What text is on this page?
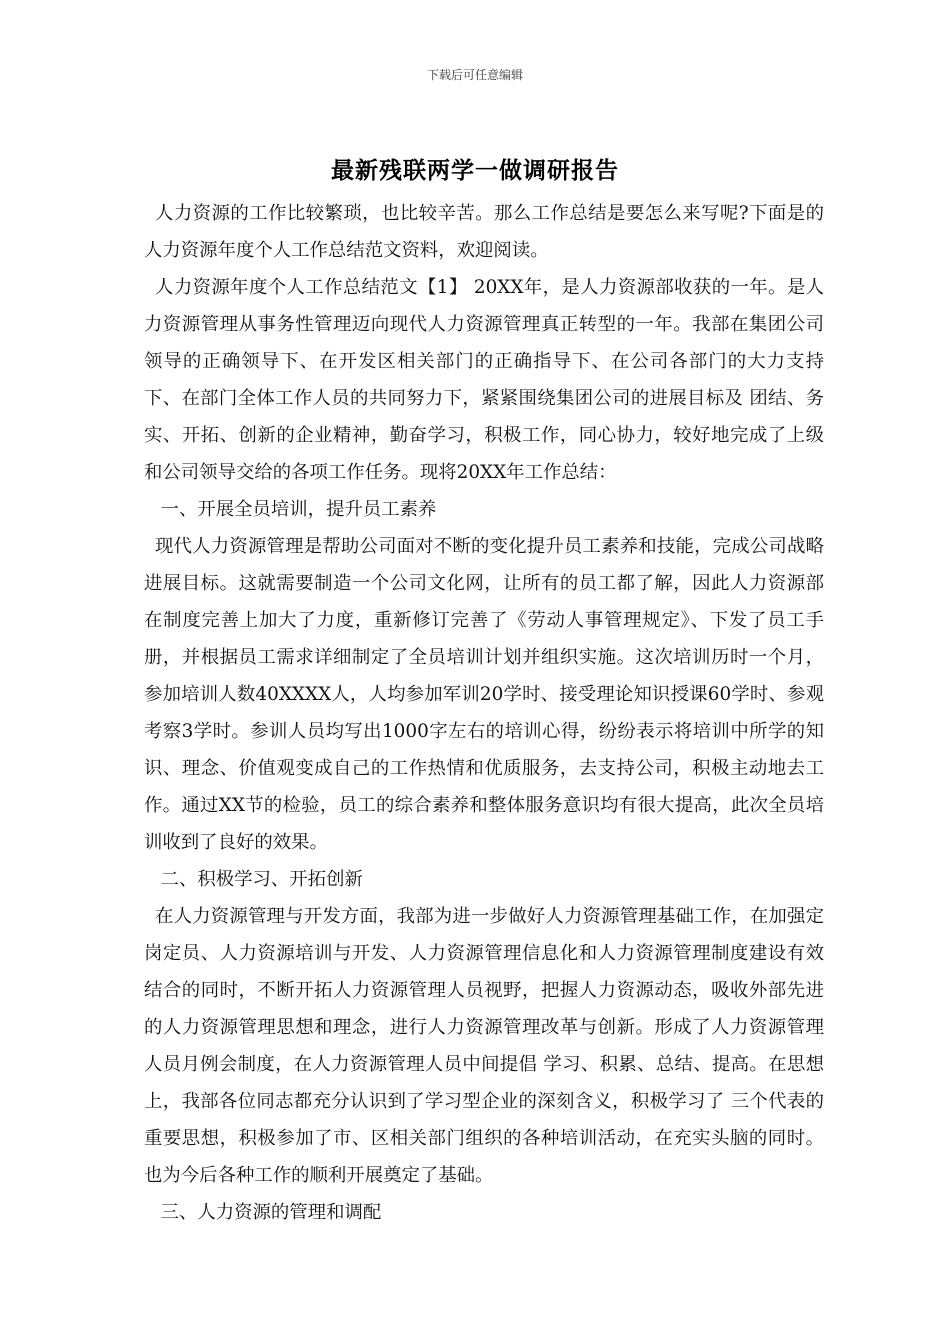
下载后可任意编辑
最新残联两学一做调研报告

人力资源的工作比较繁琐，也比较辛苦。那么工作总结是要怎么来写呢?下面是的人力资源年度个人工作总结范文资料，欢迎阅读。

人力资源年度个人工作总结范文【1】 20XX年，是人力资源部收获的一年。是人力资源管理从事务性管理迈向现代人力资源管理真正转型的一年。我部在集团公司领导的正确领导下、在开发区相关部门的正确指导下、在公司各部门的大力支持下、在部门全体工作人员的共同努力下，紧紧围绕集团公司的进展目标及 团结、务实、开拓、创新的企业精神，勤奋学习，积极工作，同心协力，较好地完成了上级和公司领导交给的各项工作任务。现将20XX年工作总结：

一、开展全员培训，提升员工素养

现代人力资源管理是帮助公司面对不断的变化提升员工素养和技能，完成公司战略进展目标。这就需要制造一个公司文化网，让所有的员工都了解，因此人力资源部在制度完善上加大了力度，重新修订完善了《劳动人事管理规定》、下发了员工手册，并根据员工需求详细制定了全员培训计划并组织实施。这次培训历时一个月，参加培训人数40XXXX人，人均参加军训20学时、接受理论知识授课60学时、参观考察3学时。参训人员均写出1000字左右的培训心得，纷纷表示将培训中所学的知识、理念、价值观变成自己的工作热情和优质服务，去支持公司，积极主动地去工作。通过XX节的检验，员工的综合素养和整体服务意识均有很大提高，此次全员培训收到了良好的效果。

二、积极学习、开拓创新

在人力资源管理与开发方面，我部为进一步做好人力资源管理基础工作，在加强定岗定员、人力资源培训与开发、人力资源管理信息化和人力资源管理制度建设有效结合的同时，不断开拓人力资源管理人员视野，把握人力资源动态，吸收外部先进的人力资源管理思想和理念，进行人力资源管理改革与创新。形成了人力资源管理人员月例会制度，在人力资源管理人员中间提倡 学习、积累、总结、提高。在思想上，我部各位同志都充分认识到了学习型企业的深刻含义，积极学习了 三个代表的重要思想，积极参加了市、区相关部门组织的各种培训活动，在充实头脑的同时。也为今后各种工作的顺利开展奠定了基础。

三、人力资源的管理和调配
